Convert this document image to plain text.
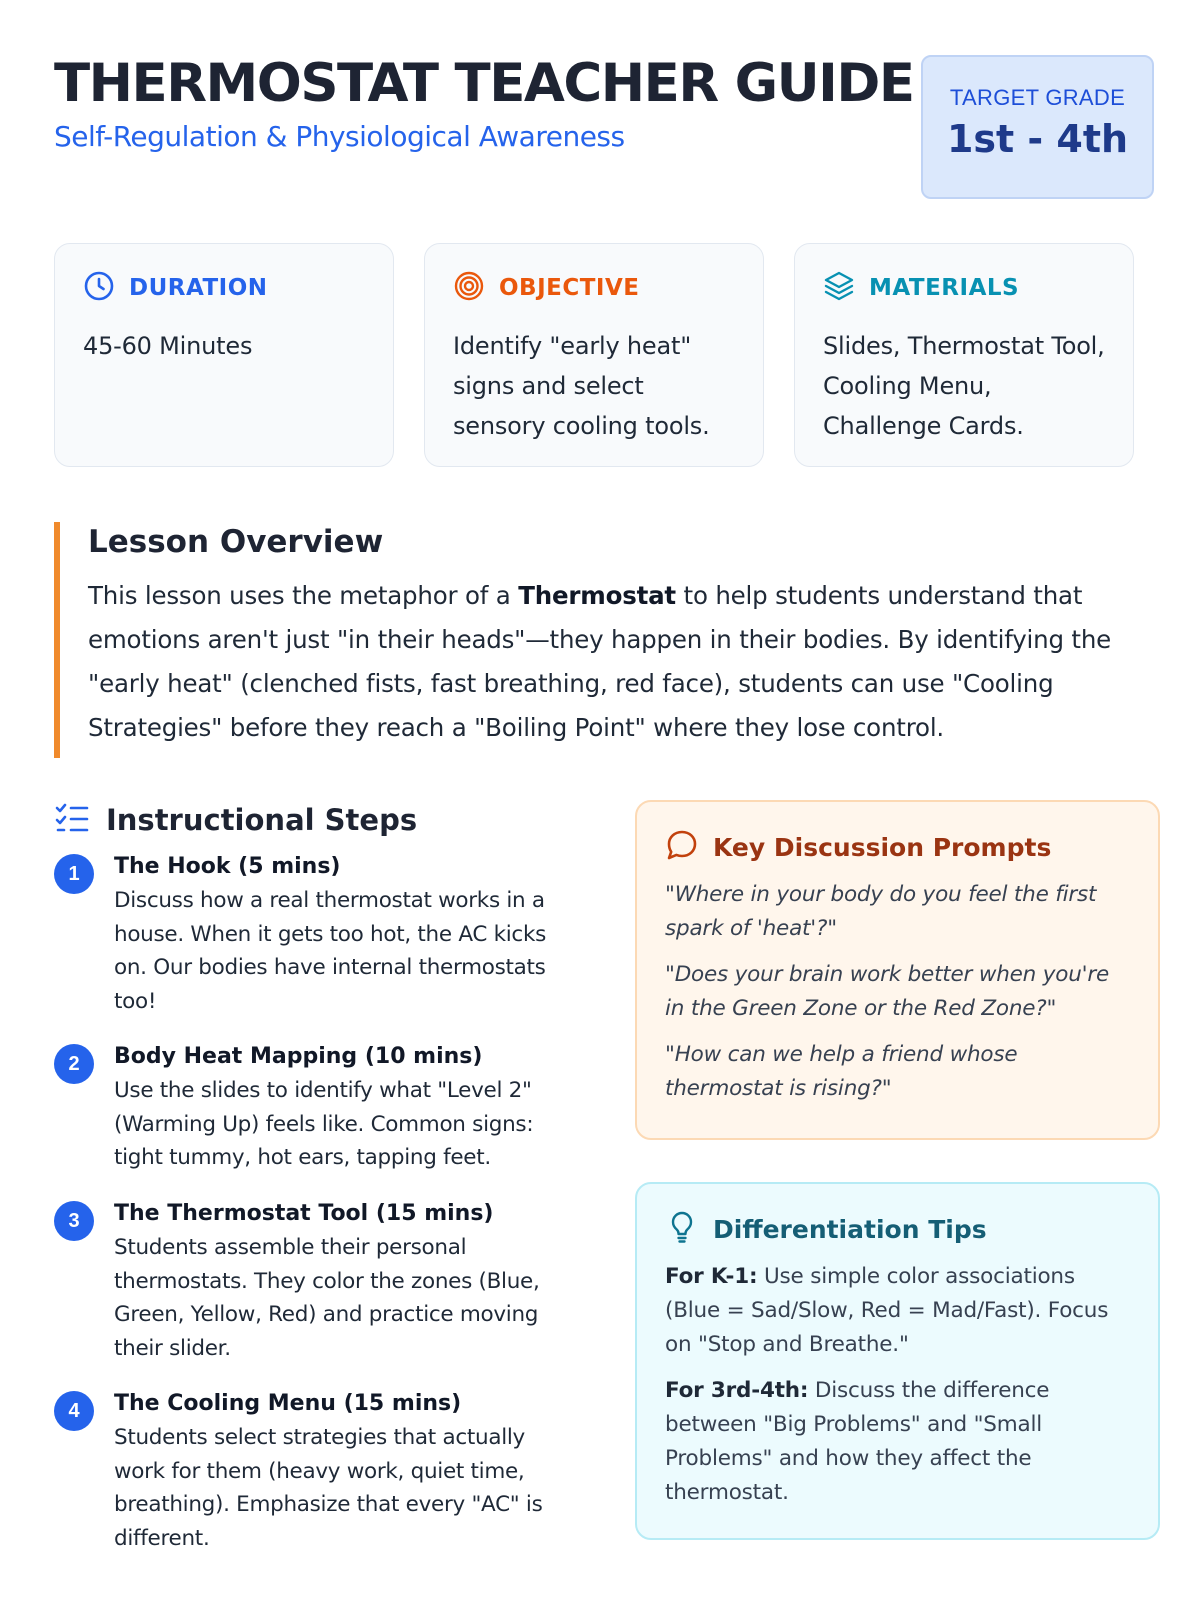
THERMOSTAT TEACHER GUIDE
Self-Regulation & Physiological Awareness
TARGET GRADE
1st - 4th
DURATION
45-60 Minutes
OBJECTIVE
Identify "early heat" signs and select sensory cooling tools.
MATERIALS
Slides, Thermostat Tool, Cooling Menu, Challenge Cards.
Lesson Overview

This lesson uses the metaphor of a Thermostat to help students understand that emotions aren't just "in their heads"—they happen in their bodies. By identifying the "early heat" (clenched fists, fast breathing, red face), students can use "Cooling Strategies" before they reach a "Boiling Point" where they lose control.

Instructional Steps
1	The Hook (5 mins)
Discuss how a real thermostat works in a house. When it gets too hot, the AC kicks on. Our bodies have internal thermostats too!
2	Body Heat Mapping (10 mins)
Use the slides to identify what "Level 2" (Warming Up) feels like. Common signs: tight tummy, hot ears, tapping feet.
3	The Thermostat Tool (15 mins)
Students assemble their personal thermostats. They color the zones (Blue, Green, Yellow, Red) and practice moving their slider.
4	The Cooling Menu (15 mins)
Students select strategies that actually work for them (heavy work, quiet time, breathing). Emphasize that every "AC" is different.
Key Discussion Prompts
"Where in your body do you feel the first spark of 'heat'?"
"Does your brain work better when you're in the Green Zone or the Red Zone?"
"How can we help a friend whose thermostat is rising?"
Differentiation Tips
For K-1: Use simple color associations (Blue = Sad/Slow, Red = Mad/Fast). Focus on "Stop and Breathe."
For 3rd-4th: Discuss the difference between "Big Problems" and "Small Problems" and how they affect the thermostat.
